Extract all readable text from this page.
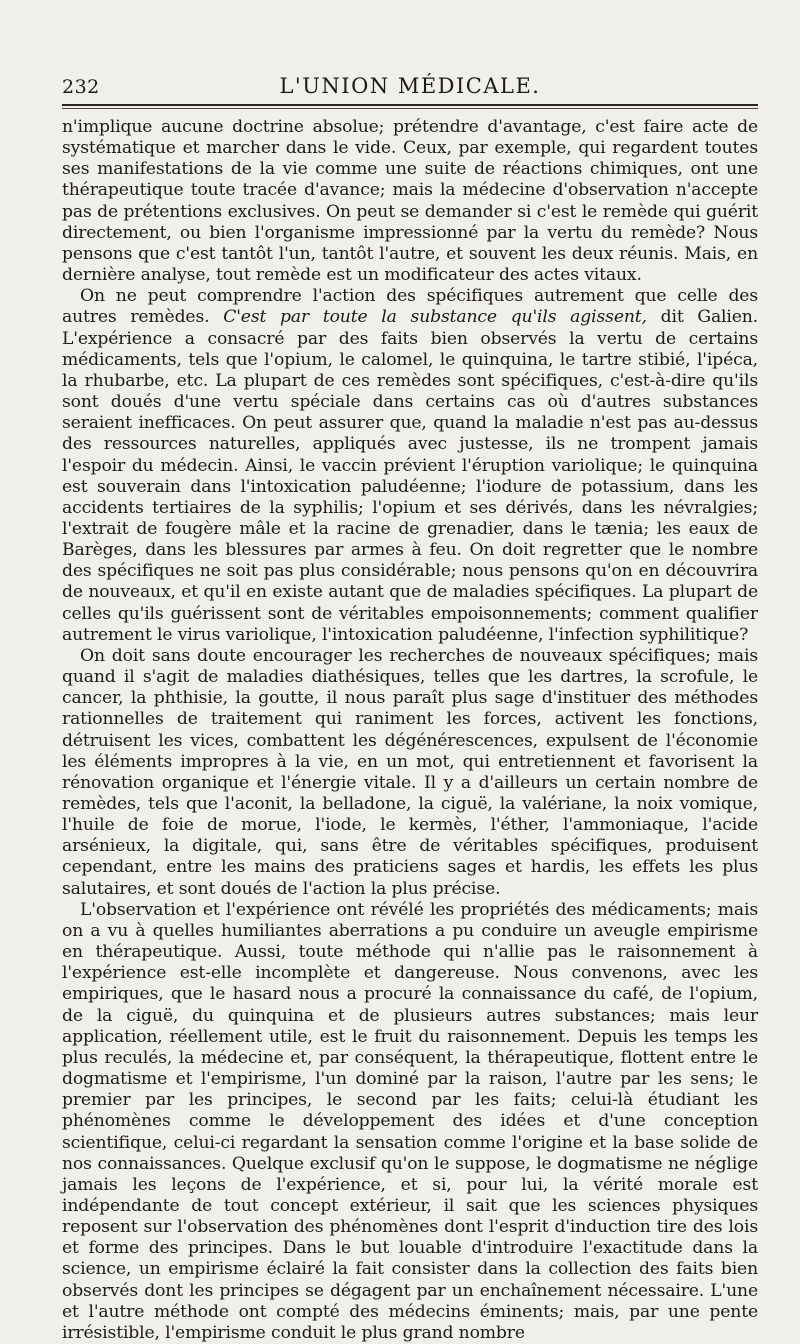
232	L'UNION MÉDICALE.

n'implique aucune doctrine absolue; prétendre d'avantage, c'est faire acte de systématique et marcher dans le vide. Ceux, par exemple, qui regardent toutes ses manifestations de la vie comme une suite de réactions chimiques, ont une thérapeutique toute tracée d'avance; mais la médecine d'observation n'accepte pas de prétentions exclusives. On peut se demander si c'est le remède qui guérit directement, ou bien l'organisme impressionné par la vertu du remède? Nous pensons que c'est tantôt l'un, tantôt l'autre, et souvent les deux réunis. Mais, en dernière analyse, tout remède est un modificateur des actes vitaux.

On ne peut comprendre l'action des spécifiques autrement que celle des autres remèdes. C'est par toute la substance qu'ils agissent, dit Galien. L'expérience a consacré par des faits bien observés la vertu de certains médicaments, tels que l'opium, le calomel, le quinquina, le tartre stibié, l'ipéca, la rhubarbe, etc. La plupart de ces remèdes sont spécifiques, c'est-à-dire qu'ils sont doués d'une vertu spéciale dans certains cas où d'autres substances seraient inefficaces. On peut assurer que, quand la maladie n'est pas au-dessus des ressources naturelles, appliqués avec justesse, ils ne trompent jamais l'espoir du médecin. Ainsi, le vaccin prévient l'éruption variolique; le quinquina est souverain dans l'intoxication paludéenne; l'iodure de potassium, dans les accidents tertiaires de la syphilis; l'opium et ses dérivés, dans les névralgies; l'extrait de fougère mâle et la racine de grenadier, dans le tænia; les eaux de Barèges, dans les blessures par armes à feu. On doit regretter que le nombre des spécifiques ne soit pas plus considérable; nous pensons qu'on en découvrira de nouveaux, et qu'il en existe autant que de maladies spécifiques. La plupart de celles qu'ils guérissent sont de véritables empoisonnements; comment qualifier autrement le virus variolique, l'intoxication paludéenne, l'infection syphilitique?

On doit sans doute encourager les recherches de nouveaux spécifiques; mais quand il s'agit de maladies diathésiques, telles que les dartres, la scrofule, le cancer, la phthisie, la goutte, il nous paraît plus sage d'instituer des méthodes rationnelles de traitement qui raniment les forces, activent les fonctions, détruisent les vices, combattent les dégénérescences, expulsent de l'économie les éléments impropres à la vie, en un mot, qui entretiennent et favorisent la rénovation organique et l'énergie vitale. Il y a d'ailleurs un certain nombre de remèdes, tels que l'aconit, la belladone, la ciguë, la valériane, la noix vomique, l'huile de foie de morue, l'iode, le kermès, l'éther, l'ammoniaque, l'acide arsénieux, la digitale, qui, sans être de véritables spécifiques, produisent cependant, entre les mains des praticiens sages et hardis, les effets les plus salutaires, et sont doués de l'action la plus précise.

L'observation et l'expérience ont révélé les propriétés des médicaments; mais on a vu à quelles humiliantes aberrations a pu conduire un aveugle empirisme en thérapeutique. Aussi, toute méthode qui n'allie pas le raisonnement à l'expérience est-elle incomplète et dangereuse. Nous convenons, avec les empiriques, que le hasard nous a procuré la connaissance du café, de l'opium, de la ciguë, du quinquina et de plusieurs autres substances; mais leur application, réellement utile, est le fruit du raisonnement. Depuis les temps les plus reculés, la médecine et, par conséquent, la thérapeutique, flottent entre le dogmatisme et l'empirisme, l'un dominé par la raison, l'autre par les sens; le premier par les principes, le second par les faits; celui-là étudiant les phénomènes comme le développement des idées et d'une conception scientifique, celui-ci regardant la sensation comme l'origine et la base solide de nos connaissances. Quelque exclusif qu'on le suppose, le dogmatisme ne néglige jamais les leçons de l'expérience, et si, pour lui, la vérité morale est indépendante de tout concept extérieur, il sait que les sciences physiques reposent sur l'observation des phénomènes dont l'esprit d'induction tire des lois et forme des principes. Dans le but louable d'introduire l'exactitude dans la science, un empirisme éclairé la fait consister dans la collection des faits bien observés dont les principes se dégagent par un enchaînement nécessaire. L'une et l'autre méthode ont compté des médecins éminents; mais, par une pente irrésistible, l'empirisme conduit le plus grand nombre
